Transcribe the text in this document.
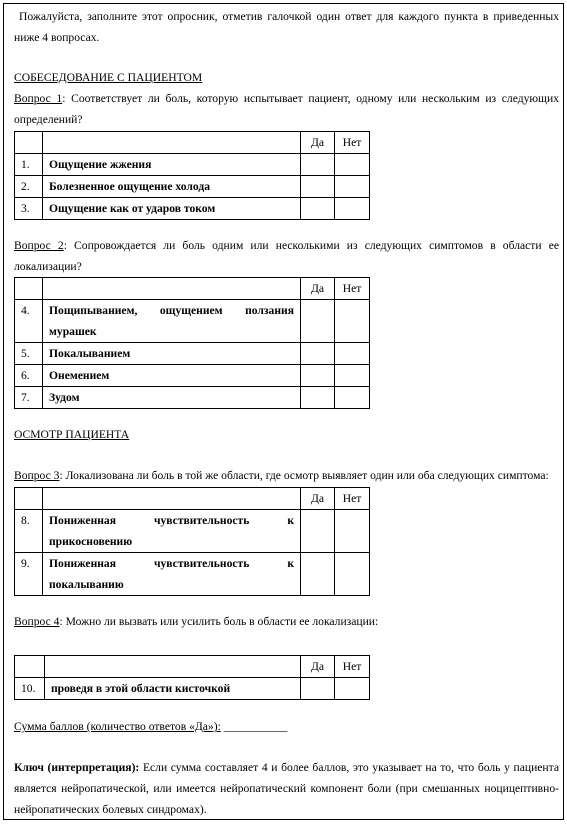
Пожалуйста, заполните этот опросник, отметив галочкой один ответ для каждого пункта в приведенных ниже 4 вопросах.
СОБЕСЕДОВАНИЕ С ПАЦИЕНТОМ
Вопрос 1: Соответствует ли боль, которую испытывает пациент, одному или нескольким из следующих определений?
		Да	Нет
1.	Ощущение жжения		
2.	Болезненное ощущение холода		
3.	Ощущение как от ударов током		
Вопрос 2: Сопровождается ли боль одним или несколькими из следующих симптомов в области ее локализации?
		Да	Нет
4.	Пощипыванием, ощущением ползания
мурашек		

5.	Покалыванием		
6.	Онемением		
7.	Зудом		
ОСМОТР ПАЦИЕНТА
Вопрос 3: Локализована ли боль в той же области, где осмотр выявляет один или оба следующих симптома:
		Да	Нет
8.	Пониженная чувствительность к
прикосновению		

9.	Пониженная чувствительность к
покалыванию		

Вопрос 4: Можно ли вызвать или усилить боль в области ее локализации:
		Да	Нет
10.	проведя в этой области кисточкой		
Сумма баллов (количество ответов «Да»): ___________
Ключ (интерпретация): Если сумма составляет 4 и более баллов, это указывает на то, что боль у пациента является нейропатической, или имеется нейропатический компонент боли (при смешанных ноцицептивно-нейропатических болевых синдромах).
